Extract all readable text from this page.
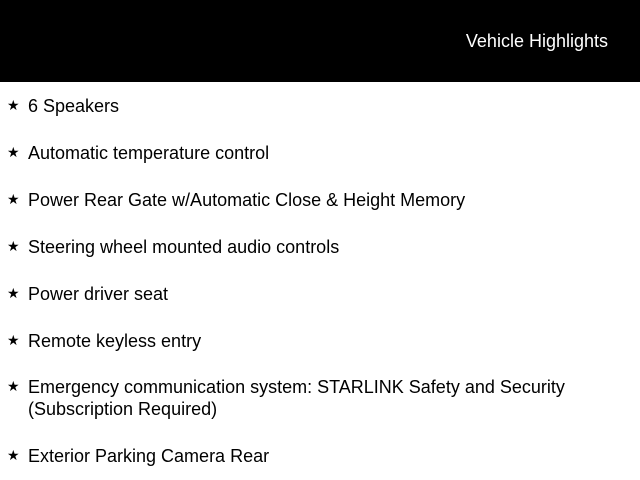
Vehicle Highlights
★ 6 Speakers
★ Automatic temperature control
★ Power Rear Gate w/Automatic Close & Height Memory
★ Steering wheel mounted audio controls
★ Power driver seat
★ Remote keyless entry
★ Emergency communication system: STARLINK Safety and Security (Subscription Required)
★ Exterior Parking Camera Rear
